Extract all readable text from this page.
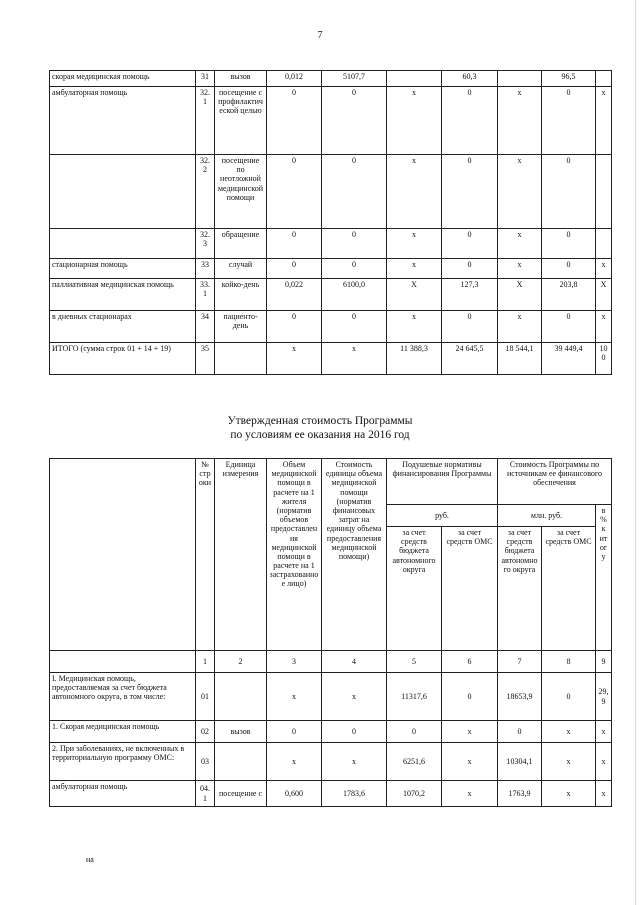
7
скорая медицинская помощь	31	вызов	0,012	5107,7		60,3		96,5	
амбулаторная помощь	32. 1	посещение с профилактической целью	0	0	х	0	х	0	х
	32. 2	посещение по неотложной медицинской помощи	0	0	х	0	х	0	
	32. 3	обращение	0	0	х	0	х	0	
стационарная помощь	33	случай	0	0	х	0	х	0	х
паллиативная медицинская помощь	33. 1	койко-день	0,022	6100,0	Х	127,3	Х	203,8	Х
в дневных стационарах	34	пациенто-день	0	0	х	0	х	0	х
ИТОГО (сумма строк 01 + 14 + 19)	35		х	х	11 388,3	24 645,5	18 544,1	39 449,4	100
Утвержденная стоимость Программы
по условиям ее оказания на 2016 год
	№ строки	Единица измерения	Объем медицинской помощи в расчете на 1 жителя (норматив объемов предоставления медицинской помощи в расчете на 1 застрахованное лицо)	Стоимость единицы объема медицинской помощи (норматив финансовых затрат на единицу объема предоставления медицинской помощи)	Подушевые нормативы финансирования Программы		Стоимость Программы по источникам ее финансового обеспечения		
					руб.		млн. руб.		в % к итогу
					за счет средств бюджета автономного округа	за счет средств ОМС	за счет средств бюджета автономного округа	за счет средств ОМС	
	1	2	3	4	5	6	7	8	9
I. Медицинская помощь, предоставляемая за счет бюджета автономного округа, в том числе:	01		х	х	11317,6	0	18653,9	0	29, 9
1. Скорая медицинская помощь	02	вызов	0	0	0	х	0	х	х
2. При заболеваниях, не включенных в территориальную программу ОМС:	03		х	х	6251,6	х	10304,1	х	х
амбулаторная помощь	04. 1	посещение с	0,600	1783,6	1070,2	х	1763,9	х	х
на
